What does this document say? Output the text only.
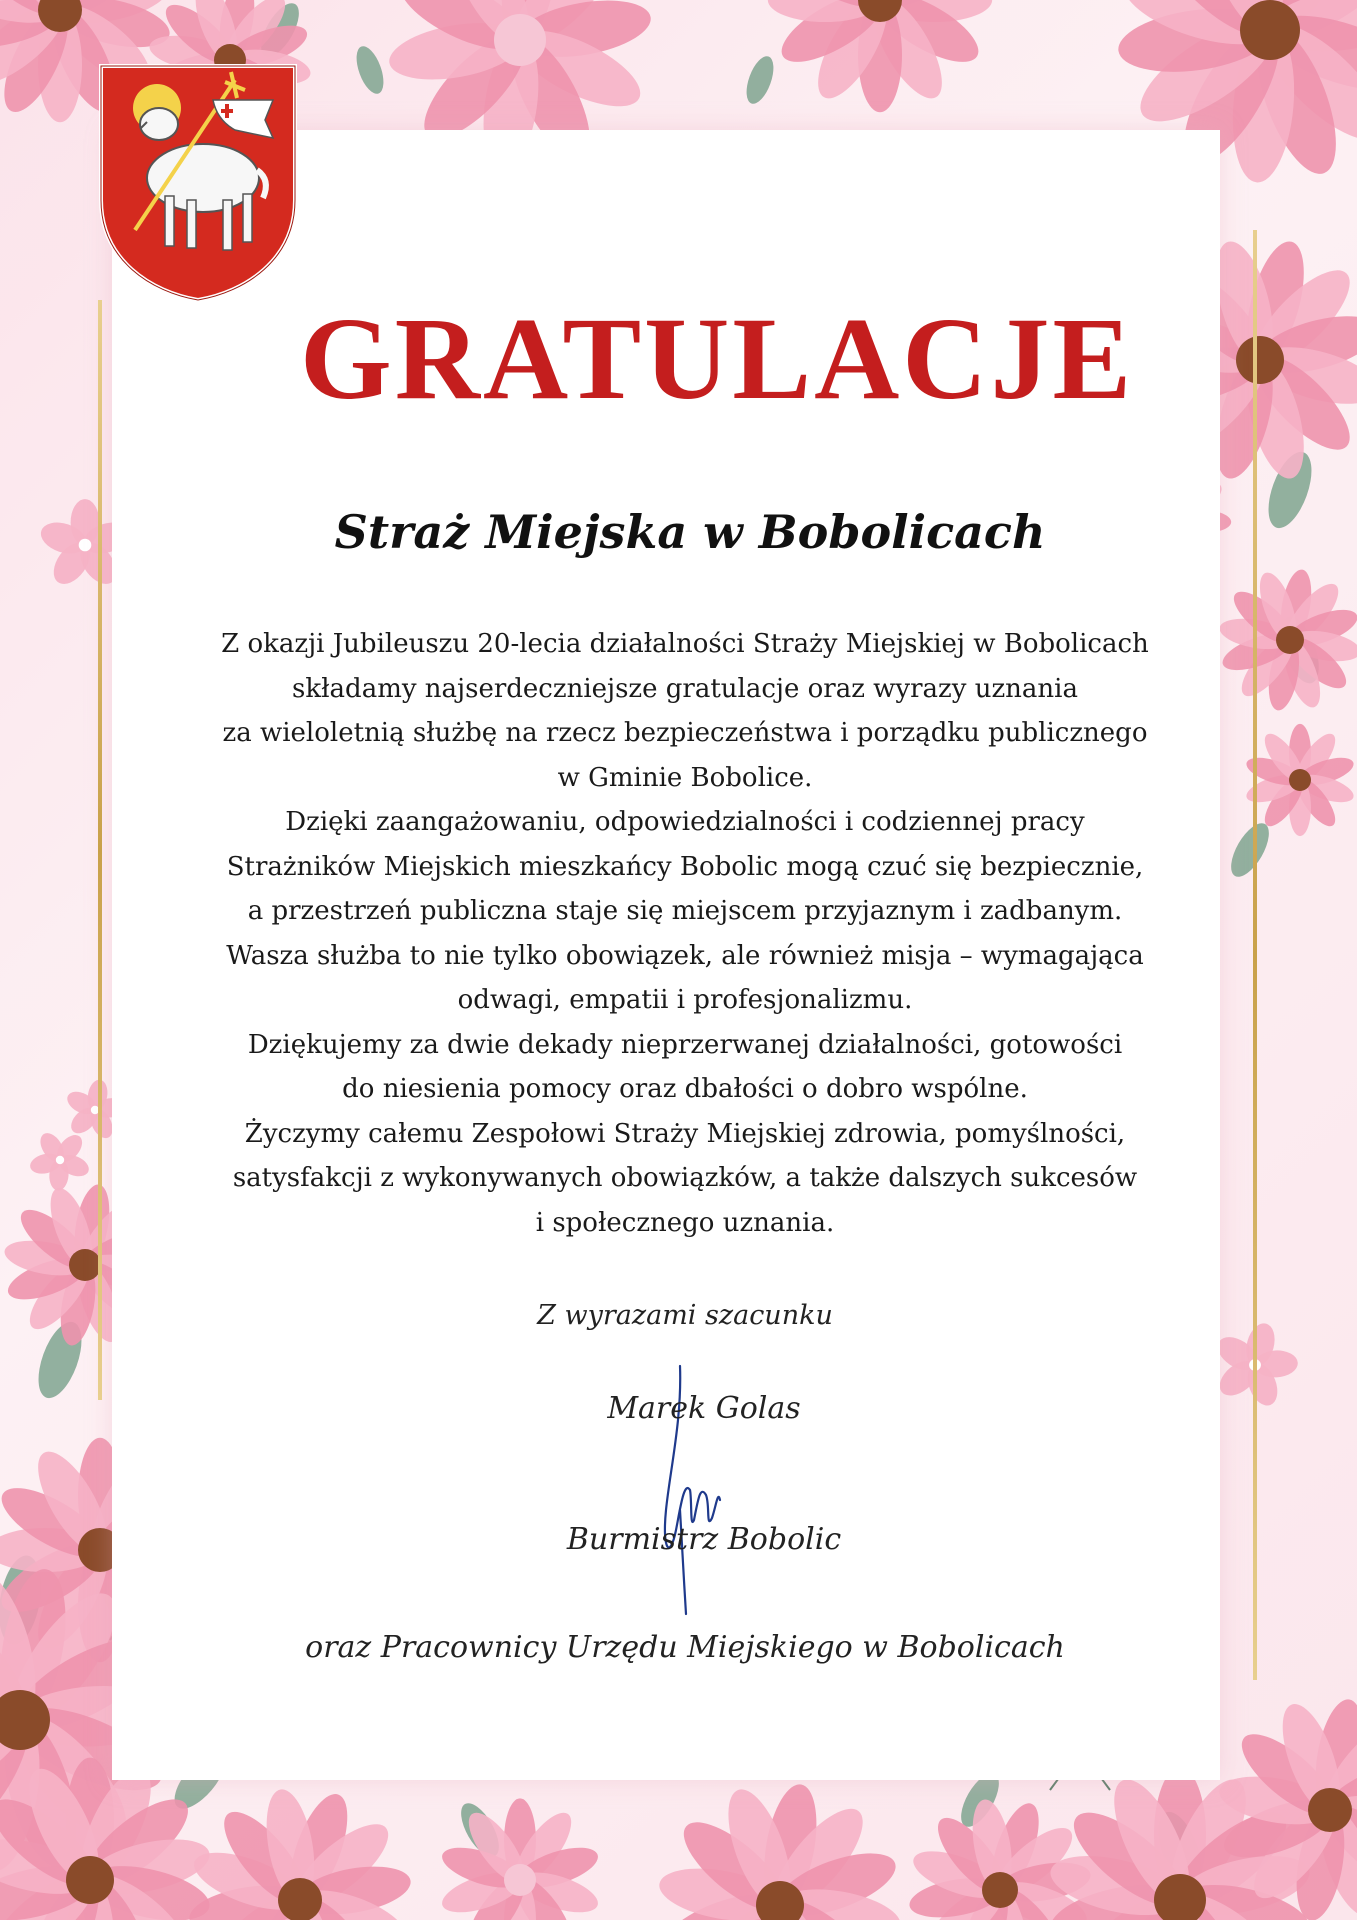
GRATULACJE
Straż Miejska w Bobolicach
Z okazji Jubileuszu 20-lecia działalności Straży Miejskiej w Bobolicach
składamy najserdeczniejsze gratulacje oraz wyrazy uznania
za wieloletnią służbę na rzecz bezpieczeństwa i porządku publicznego
w Gminie Bobolice.
Dzięki zaangażowaniu, odpowiedzialności i codziennej pracy
Strażników Miejskich mieszkańcy Bobolic mogą czuć się bezpiecznie,
a przestrzeń publiczna staje się miejscem przyjaznym i zadbanym.
Wasza służba to nie tylko obowiązek, ale również misja – wymagająca
odwagi, empatii i profesjonalizmu.
Dziękujemy za dwie dekady nieprzerwanej działalności, gotowości
do niesienia pomocy oraz dbałości o dobro wspólne.
Życzymy całemu Zespołowi Straży Miejskiej zdrowia, pomyślności,
satysfakcji z wykonywanych obowiązków, a także dalszych sukcesów
i społecznego uznania.
Z wyrazami szacunku
Marek Golas
Burmistrz Bobolic
oraz Pracownicy Urzędu Miejskiego w Bobolicach
